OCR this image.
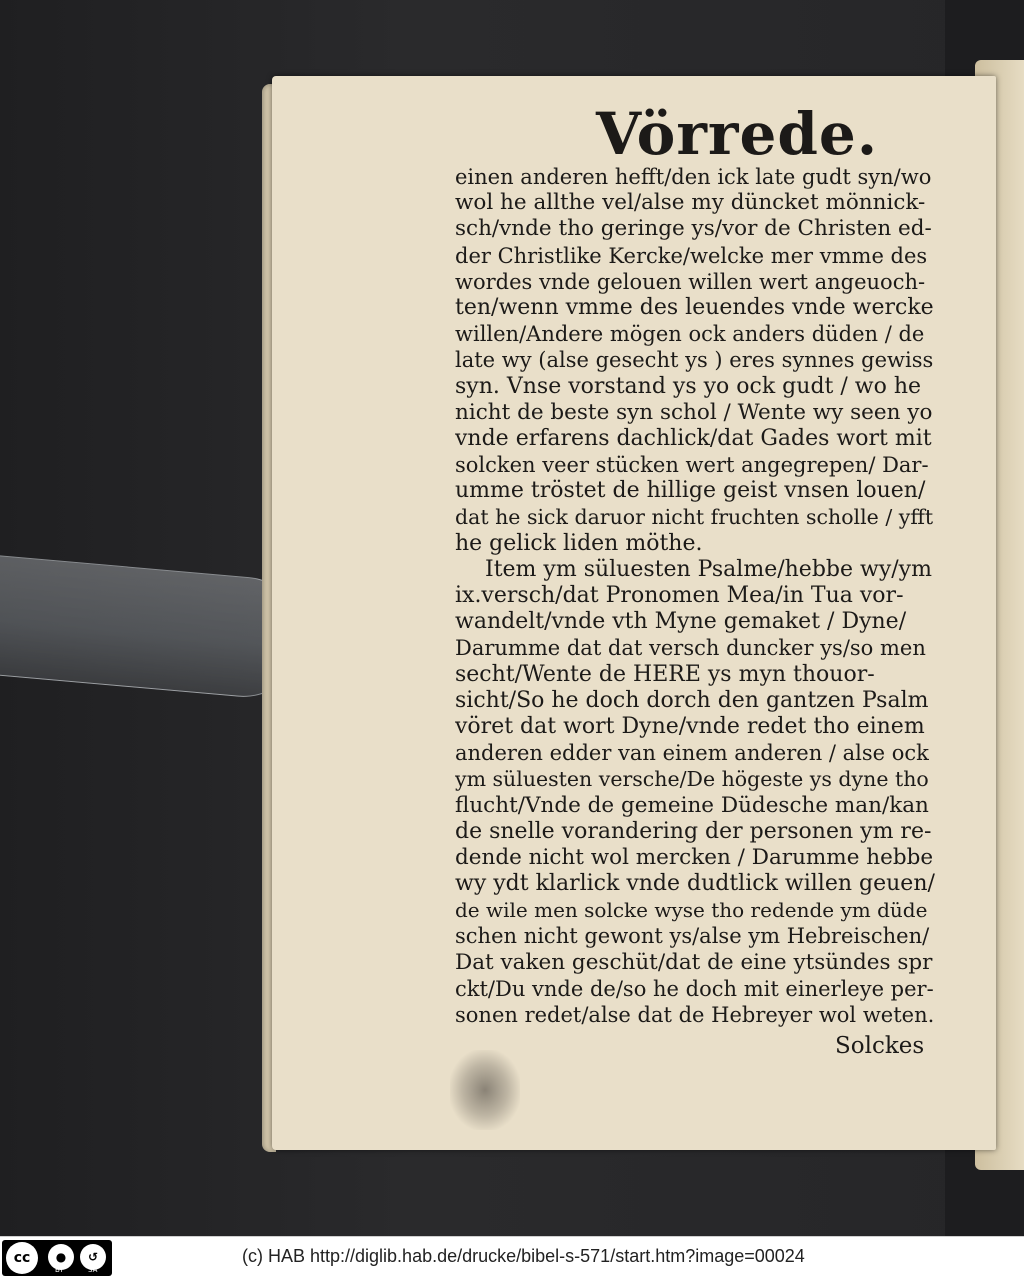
Vörrede.
einen anderen hefft/den ick late gudt syn/wo
wol he allthe vel/alse my düncket mönnick-
sch/vnde tho geringe ys/vor de Christen ed-
der Christlike Kercke/welcke mer vmme des
wordes vnde gelouen willen wert angeuoch-
ten/wenn vmme des leuendes vnde wercke
willen/Andere mögen ock anders düden / de
late wy (alse gesecht ys ) eres synnes gewiss
syn. Vnse vorstand ys yo ock gudt / wo he
nicht de beste syn schol / Wente wy seen yo
vnde erfarens dachlick/dat Gades wort mit
solcken veer stücken wert angegrepen/ Dar-
umme tröstet de hillige geist vnsen louen/
dat he sick daruor nicht fruchten scholle / yfft
he gelick liden möthe.
Item ym süluesten Psalme/hebbe wy/ym
ix.versch/dat Pronomen Mea/in Tua vor-
wandelt/vnde vth Myne gemaket / Dyne/
Darumme dat dat versch duncker ys/so men
secht/Wente de HERE ys myn thouor-
sicht/So he doch dorch den gantzen Psalm
vöret dat wort Dyne/vnde redet tho einem
anderen edder van einem anderen / alse ock
ym süluesten versche/De högeste ys dyne tho
flucht/Vnde de gemeine Düdesche man/kan
de snelle vorandering der personen ym re-
dende nicht wol mercken / Darumme hebbe
wy ydt klarlick vnde dudtlick willen geuen/
de wile men solcke wyse tho redende ym düde
schen nicht gewont ys/alse ym Hebreischen/
Dat vaken geschüt/dat de eine ytsündes spr
ckt/Du vnde de/so he doch mit einerleye per-
sonen redet/alse dat de Hebreyer wol weten.
Solckes
cc	●	↺
BY	SA
(c) HAB http://diglib.hab.de/drucke/bibel-s-571/start.htm?image=00024
